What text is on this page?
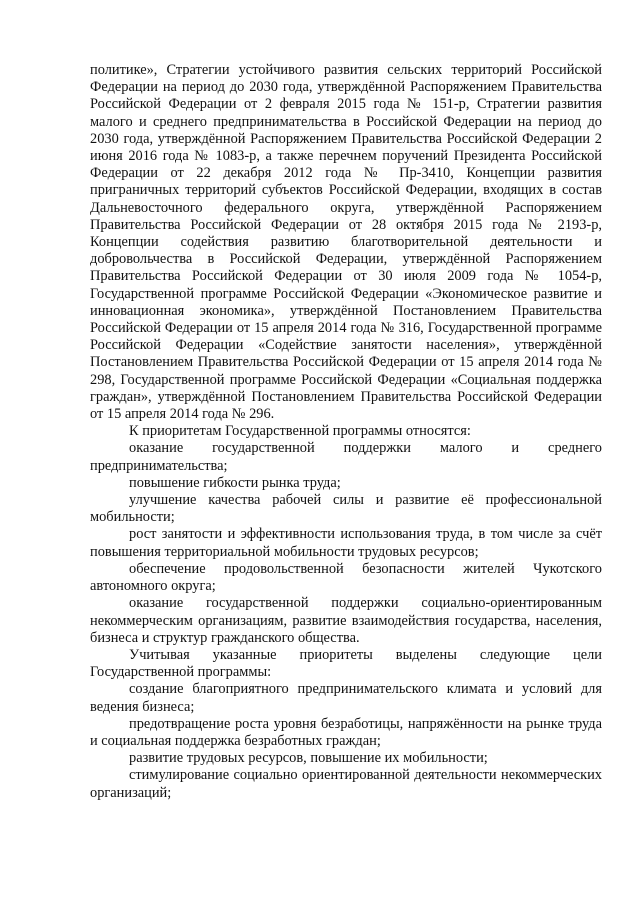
политике», Стратегии устойчивого развития сельских территорий Российской Федерации на период до 2030 года, утверждённой Распоряжением Правительства Российской Федерации от 2 февраля 2015 года № 151-р, Стратегии развития малого и среднего предпринимательства в Российской Федерации на период до 2030 года, утверждённой Распоряжением Правительства Российской Федерации 2 июня 2016 года № 1083-р, а также перечнем поручений Президента Российской Федерации от 22 декабря 2012 года № Пр-3410, Концепции развития приграничных территорий субъектов Российской Федерации, входящих в состав Дальневосточного федерального округа, утверждённой Распоряжением Правительства Российской Федерации от 28 октября 2015 года № 2193-р, Концепции содействия развитию благотворительной деятельности и добровольчества в Российской Федерации, утверждённой Распоряжением Правительства Российской Федерации от 30 июля 2009 года № 1054-р, Государственной программе Российской Федерации «Экономическое развитие и инновационная экономика», утверждённой Постановлением Правительства Российской Федерации от 15 апреля 2014 года № 316, Государственной программе Российской Федерации «Содействие занятости населения», утверждённой Постановлением Правительства Российской Федерации от 15 апреля 2014 года № 298, Государственной программе Российской Федерации «Социальная поддержка граждан», утверждённой Постановлением Правительства Российской Федерации от 15 апреля 2014 года № 296.

К приоритетам Государственной программы относятся:

оказание государственной поддержки малого и среднего предпринимательства;

повышение гибкости рынка труда;

улучшение качества рабочей силы и развитие её профессиональной мобильности;

рост занятости и эффективности использования труда, в том числе за счёт повышения территориальной мобильности трудовых ресурсов;

обеспечение продовольственной безопасности жителей Чукотского автономного округа;

оказание государственной поддержки социально-ориентированным некоммерческим организациям, развитие взаимодействия государства, населения, бизнеса и структур гражданского общества.

Учитывая указанные приоритеты выделены следующие цели Государственной программы:

создание благоприятного предпринимательского климата и условий для ведения бизнеса;

предотвращение роста уровня безработицы, напряжённости на рынке труда и социальная поддержка безработных граждан;

развитие трудовых ресурсов, повышение их мобильности;

стимулирование социально ориентированной деятельности некоммерческих организаций;
